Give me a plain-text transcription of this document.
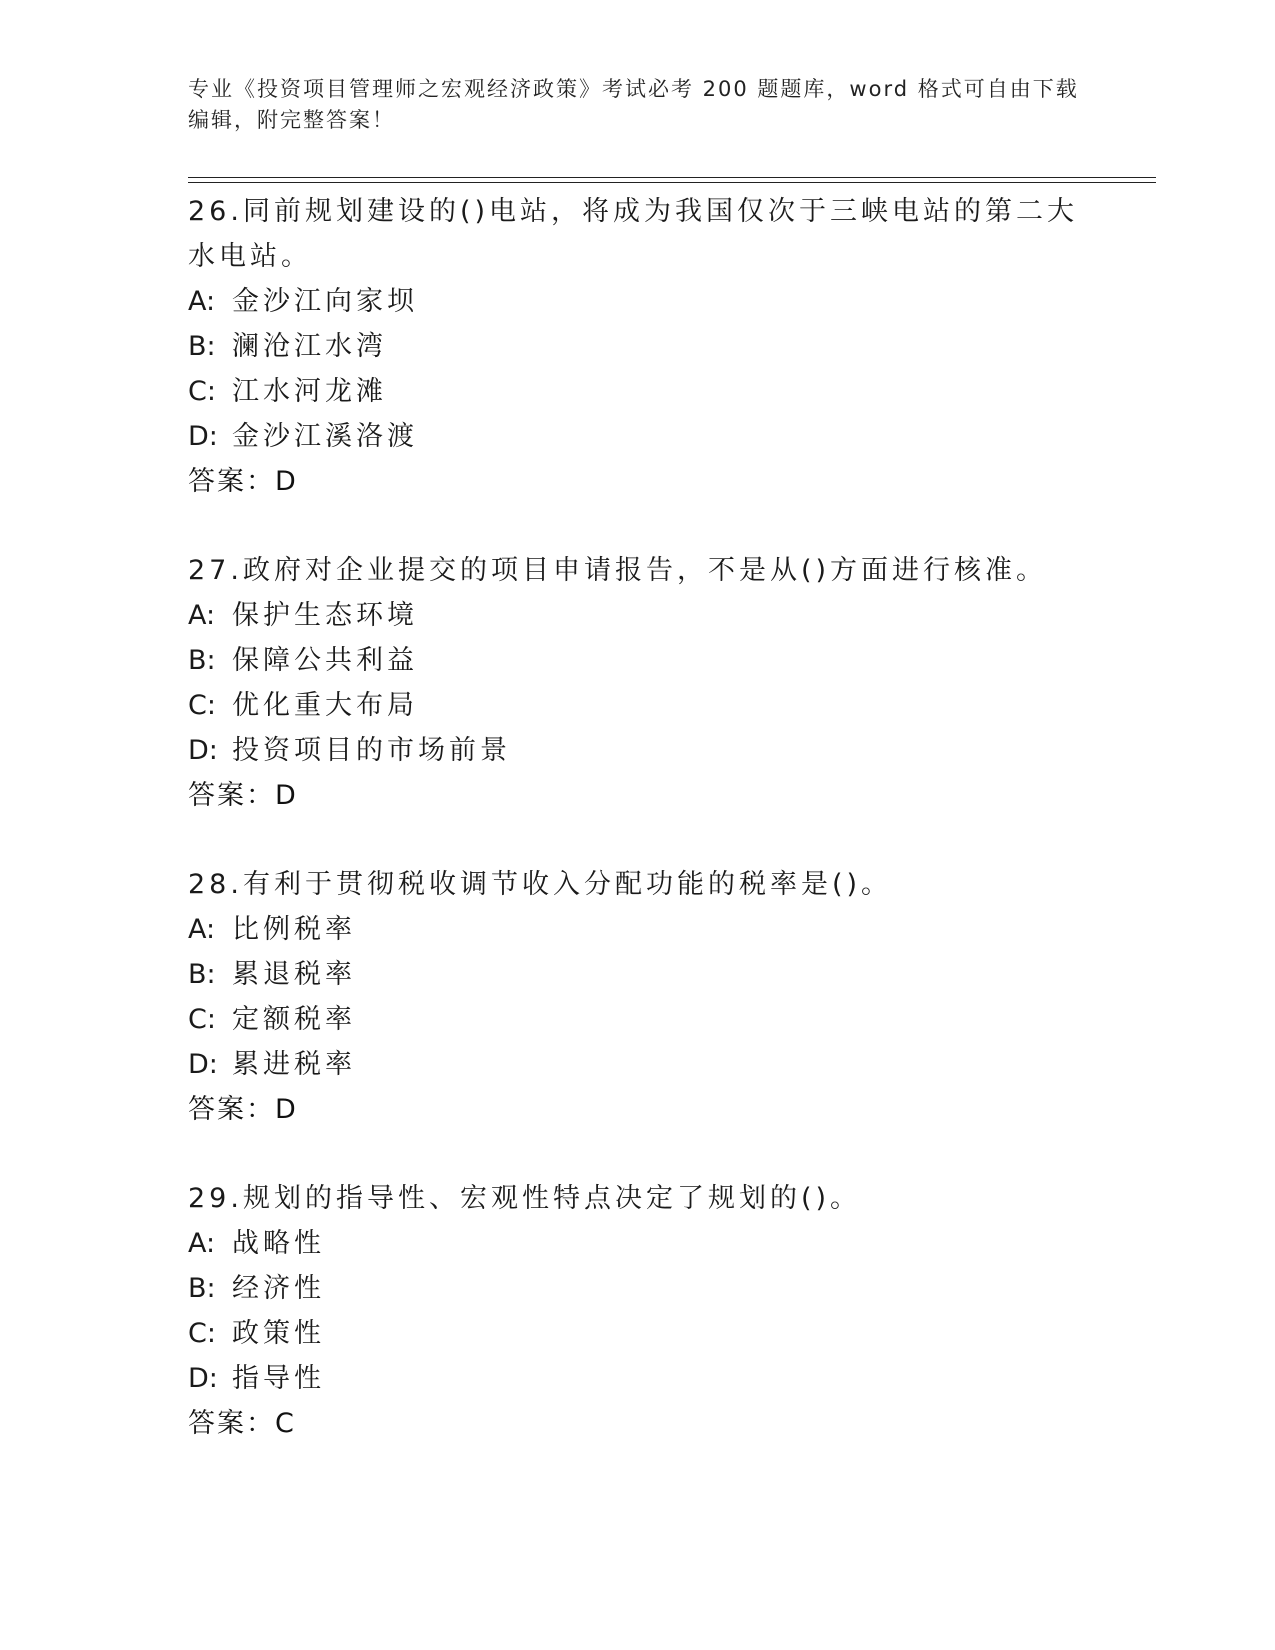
专业《投资项目管理师之宏观经济政策》考试必考 200 题题库，word 格式可自由下载编辑，附完整答案！
26.同前规划建设的()电站，将成为我国仅次于三峡电站的第二大水电站。
A: 金沙江向家坝
B: 澜沧江水湾
C: 江水河龙滩
D: 金沙江溪洛渡
答案：D
27.政府对企业提交的项目申请报告，不是从()方面进行核准。
A: 保护生态环境
B: 保障公共利益
C: 优化重大布局
D: 投资项目的市场前景
答案：D
28.有利于贯彻税收调节收入分配功能的税率是()。
A: 比例税率
B: 累退税率
C: 定额税率
D: 累进税率
答案：D
29.规划的指导性、宏观性特点决定了规划的()。
A: 战略性
B: 经济性
C: 政策性
D: 指导性
答案：C
